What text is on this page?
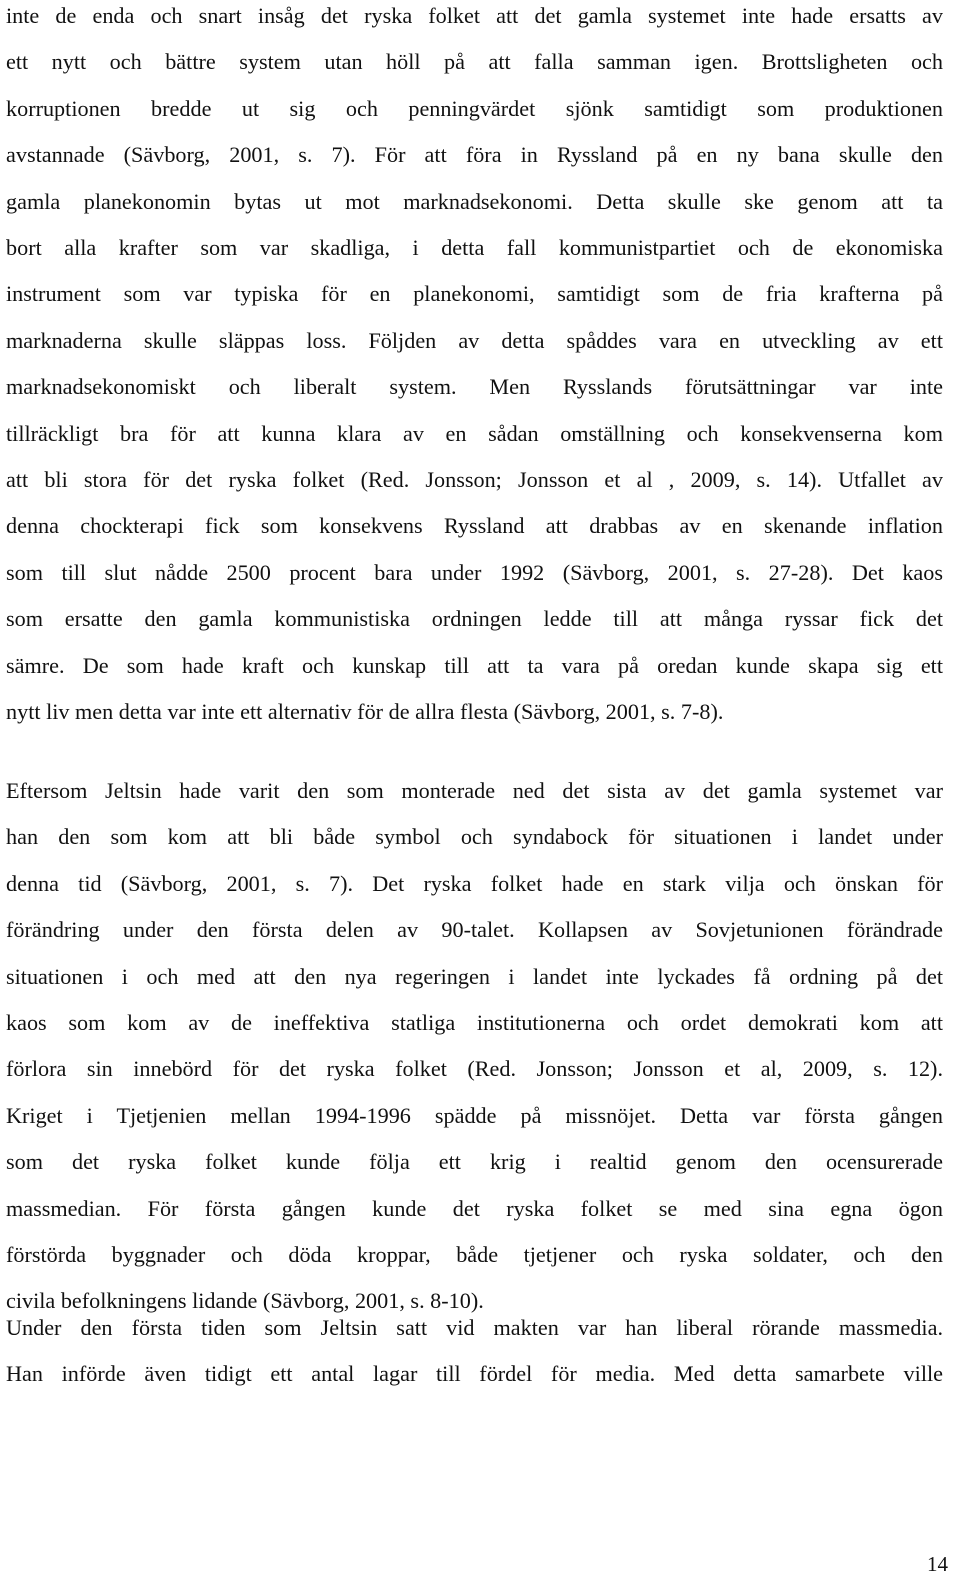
inte de enda och snart insåg det ryska folket att det gamla systemet inte hade ersatts av

ett nytt och bättre system utan höll på att falla samman igen. Brottsligheten och

korruptionen bredde ut sig och penningvärdet sjönk samtidigt som produktionen

avstannade (Sävborg, 2001, s. 7). För att föra in Ryssland på en ny bana skulle den

gamla planekonomin bytas ut mot marknadsekonomi. Detta skulle ske genom att ta

bort alla krafter som var skadliga, i detta fall kommunistpartiet och de ekonomiska

instrument som var typiska för en planekonomi, samtidigt som de fria krafterna på

marknaderna skulle släppas loss. Följden av detta spåddes vara en utveckling av ett

marknadsekonomiskt och liberalt system. Men Rysslands förutsättningar var inte

tillräckligt bra för att kunna klara av en sådan omställning och konsekvenserna kom

att bli stora för det ryska folket (Red. Jonsson; Jonsson et al , 2009, s. 14). Utfallet av

denna chockterapi fick som konsekvens Ryssland att drabbas av en skenande inflation

som till slut nådde 2500 procent bara under 1992 (Sävborg, 2001, s. 27-28). Det kaos

som ersatte den gamla kommunistiska ordningen ledde till att många ryssar fick det

sämre. De som hade kraft och kunskap till att ta vara på oredan kunde skapa sig ett

nytt liv men detta var inte ett alternativ för de allra flesta (Sävborg, 2001, s. 7-8).

Eftersom Jeltsin hade varit den som monterade ned det sista av det gamla systemet var

han den som kom att bli både symbol och syndabock för situationen i landet under

denna tid (Sävborg, 2001, s. 7). Det ryska folket hade en stark vilja och önskan för

förändring under den första delen av 90-talet. Kollapsen av Sovjetunionen förändrade

situationen i och med att den nya regeringen i landet inte lyckades få ordning på det

kaos som kom av de ineffektiva statliga institutionerna och ordet demokrati kom att

förlora sin innebörd för det ryska folket (Red. Jonsson; Jonsson et al, 2009, s. 12).

Kriget i Tjetjenien mellan 1994-1996 spädde på missnöjet. Detta var första gången

som det ryska folket kunde följa ett krig i realtid genom den ocensurerade

massmedian. För första gången kunde det ryska folket se med sina egna ögon

förstörda byggnader och döda kroppar, både tjetjener och ryska soldater, och den

civila befolkningens lidande (Sävborg, 2001, s. 8-10).

Under den första tiden som Jeltsin satt vid makten var han liberal rörande massmedia.

Han införde även tidigt ett antal lagar till fördel för media. Med detta samarbete ville

14
